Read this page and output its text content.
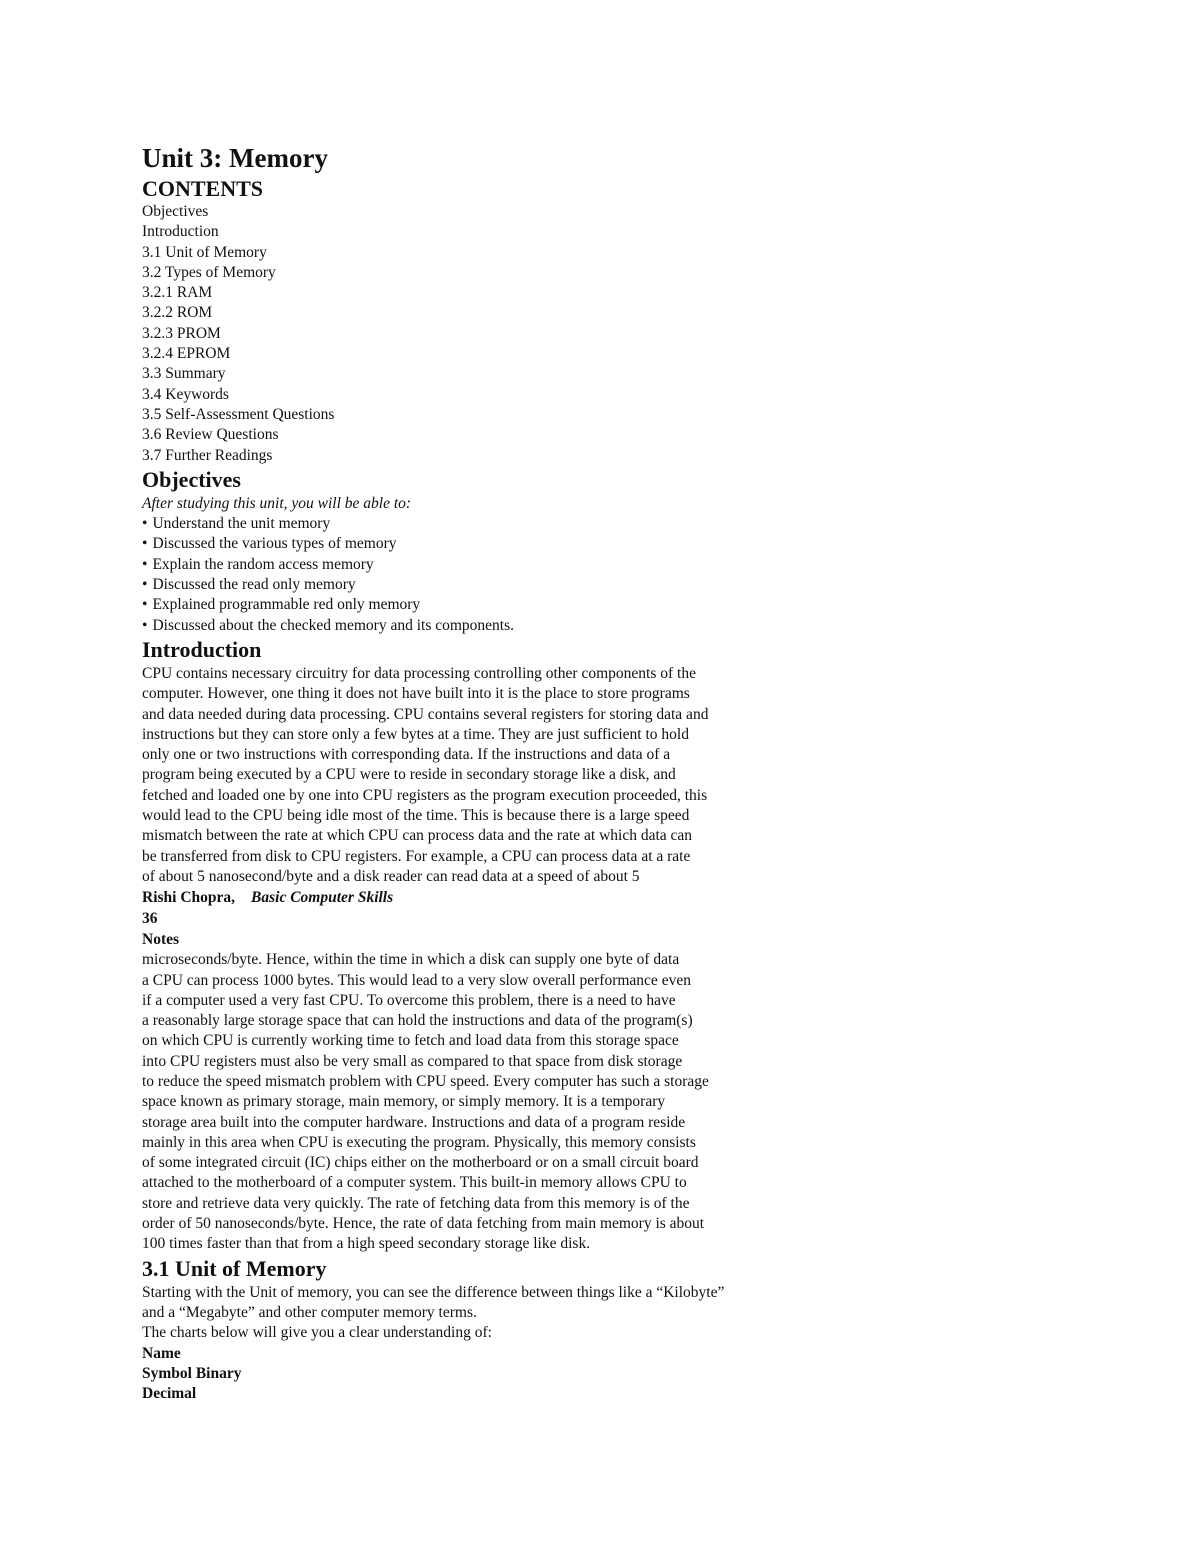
Unit 3: Memory
CONTENTS

Objectives

Introduction

3.1 Unit of Memory

3.2 Types of Memory

3.2.1 RAM

3.2.2 ROM

3.2.3 PROM

3.2.4 EPROM

3.3 Summary

3.4 Keywords

3.5 Self-Assessment Questions

3.6 Review Questions

3.7 Further Readings

Objectives

After studying this unit, you will be able to:

• Understand the unit memory
• Discussed the various types of memory
• Explain the random access memory
• Discussed the read only memory
• Explained programmable red only memory
• Discussed about the checked memory and its components.
Introduction

CPU contains necessary circuitry for data processing controlling other components of the

computer. However, one thing it does not have built into it is the place to store programs

and data needed during data processing. CPU contains several registers for storing data and

instructions but they can store only a few bytes at a time. They are just sufficient to hold

only one or two instructions with corresponding data. If the instructions and data of a

program being executed by a CPU were to reside in secondary storage like a disk, and

fetched and loaded one by one into CPU registers as the program execution proceeded, this

would lead to the CPU being idle most of the time. This is because there is a large speed

mismatch between the rate at which CPU can process data and the rate at which data can

be transferred from disk to CPU registers. For example, a CPU can process data at a rate

of about 5 nanosecond/byte and a disk reader can read data at a speed of about 5

Rishi Chopra, Basic Computer Skills

36

Notes

microseconds/byte. Hence, within the time in which a disk can supply one byte of data

a CPU can process 1000 bytes. This would lead to a very slow overall performance even

if a computer used a very fast CPU. To overcome this problem, there is a need to have

a reasonably large storage space that can hold the instructions and data of the program(s)

on which CPU is currently working time to fetch and load data from this storage space

into CPU registers must also be very small as compared to that space from disk storage

to reduce the speed mismatch problem with CPU speed. Every computer has such a storage

space known as primary storage, main memory, or simply memory. It is a temporary

storage area built into the computer hardware. Instructions and data of a program reside

mainly in this area when CPU is executing the program. Physically, this memory consists

of some integrated circuit (IC) chips either on the motherboard or on a small circuit board

attached to the motherboard of a computer system. This built-in memory allows CPU to

store and retrieve data very quickly. The rate of fetching data from this memory is of the

order of 50 nanoseconds/byte. Hence, the rate of data fetching from main memory is about

100 times faster than that from a high speed secondary storage like disk.

3.1 Unit of Memory

Starting with the Unit of memory, you can see the difference between things like a “Kilobyte”

and a “Megabyte” and other computer memory terms.

The charts below will give you a clear understanding of:

Name

Symbol Binary

Decimal
